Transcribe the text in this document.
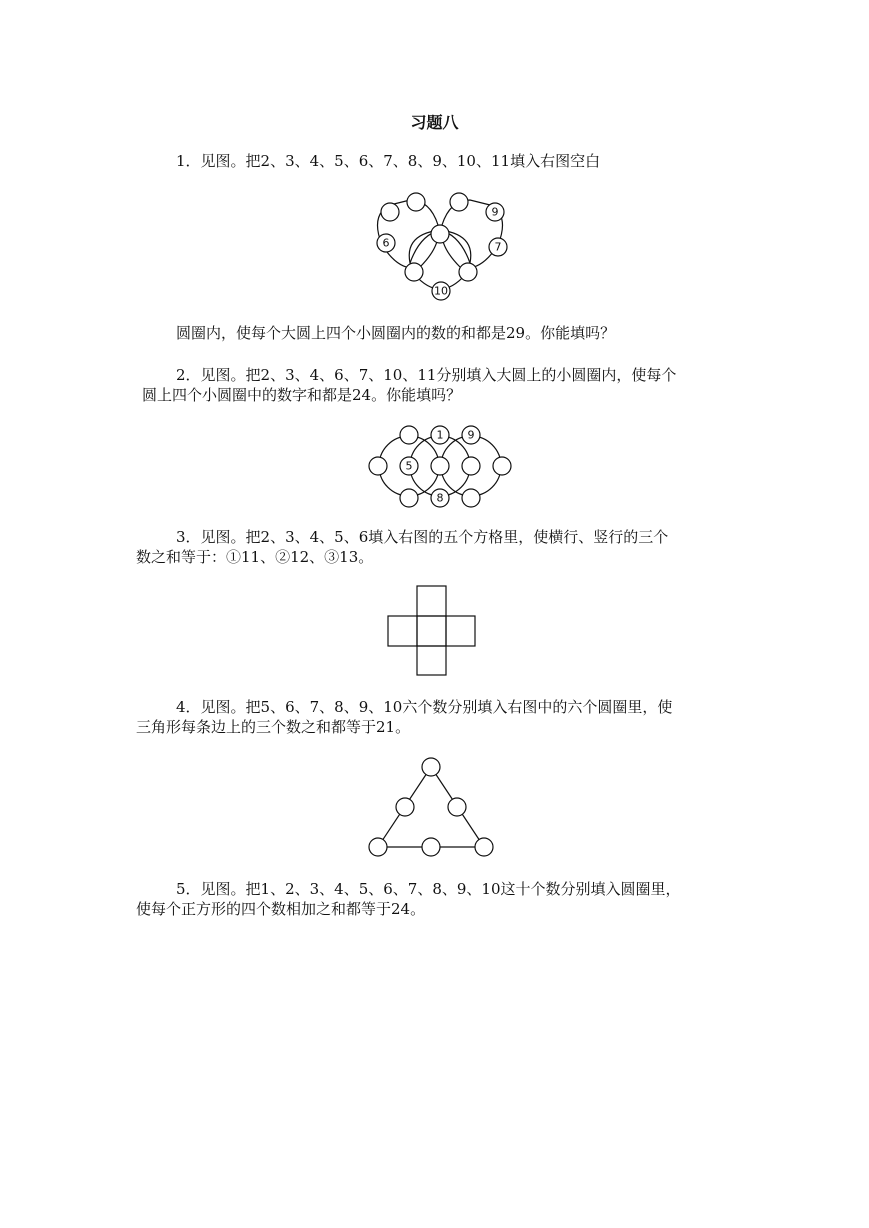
习题八
1．见图。把2、3、4、5、6、7、8、9、10、11填入右图空白
6
9
7
10
圆圈内，使每个大圆上四个小圆圈内的数的和都是29。你能填吗？
2．见图。把2、3、4、6、7、10、11分别填入大圆上的小圆圈内，使每个
圆上四个小圆圈中的数字和都是24。你能填吗？
1 9
5
8
3．见图。把2、3、4、5、6填入右图的五个方格里，使横行、竖行的三个
数之和等于：①11、②12、③13。
4．见图。把5、6、7、8、9、10六个数分别填入右图中的六个圆圈里，使
三角形每条边上的三个数之和都等于21。
5．见图。把1、2、3、4、5、6、7、8、9、10这十个数分别填入圆圈里，
使每个正方形的四个数相加之和都等于24。
